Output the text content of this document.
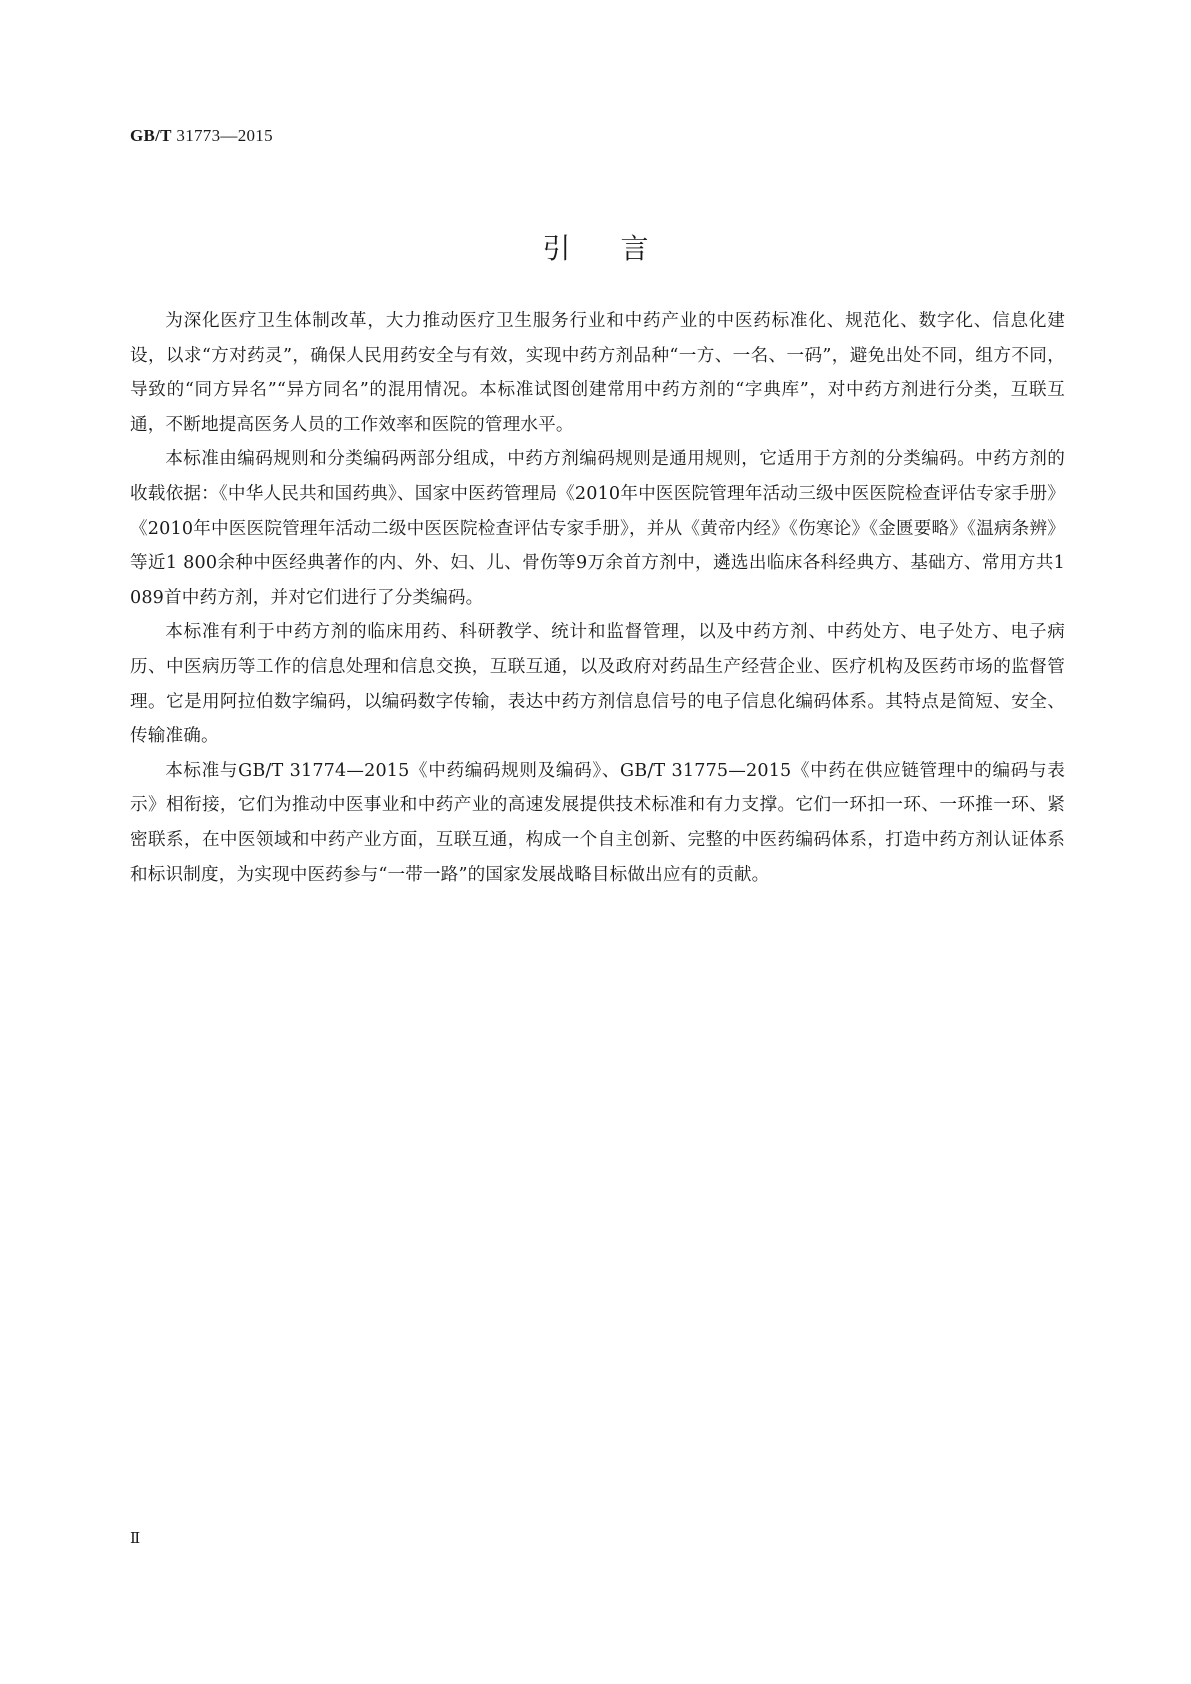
GB/T 31773—2015
引言

为深化医疗卫生体制改革，大力推动医疗卫生服务行业和中药产业的中医药标准化、规范化、数字化、信息化建设，以求“方对药灵”，确保人民用药安全与有效，实现中药方剂品种“一方、一名、一码”，避免出处不同，组方不同，导致的“同方异名”“异方同名”的混用情况。本标准试图创建常用中药方剂的“字典库”，对中药方剂进行分类，互联互通，不断地提高医务人员的工作效率和医院的管理水平。

本标准由编码规则和分类编码两部分组成，中药方剂编码规则是通用规则，它适用于方剂的分类编码。中药方剂的收载依据：《中华人民共和国药典》、国家中医药管理局《2010年中医医院管理年活动三级中医医院检查评估专家手册》《2010年中医医院管理年活动二级中医医院检查评估专家手册》，并从《黄帝内经》《伤寒论》《金匮要略》《温病条辨》等近1 800余种中医经典著作的内、外、妇、儿、骨伤等9万余首方剂中，遴选出临床各科经典方、基础方、常用方共1 089首中药方剂，并对它们进行了分类编码。

本标准有利于中药方剂的临床用药、科研教学、统计和监督管理，以及中药方剂、中药处方、电子处方、电子病历、中医病历等工作的信息处理和信息交换，互联互通，以及政府对药品生产经营企业、医疗机构及医药市场的监督管理。它是用阿拉伯数字编码，以编码数字传输，表达中药方剂信息信号的电子信息化编码体系。其特点是简短、安全、传输准确。

本标准与GB/T 31774—2015《中药编码规则及编码》、GB/T 31775—2015《中药在供应链管理中的编码与表示》相衔接，它们为推动中医事业和中药产业的高速发展提供技术标准和有力支撑。它们一环扣一环、一环推一环、紧密联系，在中医领域和中药产业方面，互联互通，构成一个自主创新、完整的中医药编码体系，打造中药方剂认证体系和标识制度，为实现中医药参与“一带一路”的国家发展战略目标做出应有的贡献。

Ⅱ
